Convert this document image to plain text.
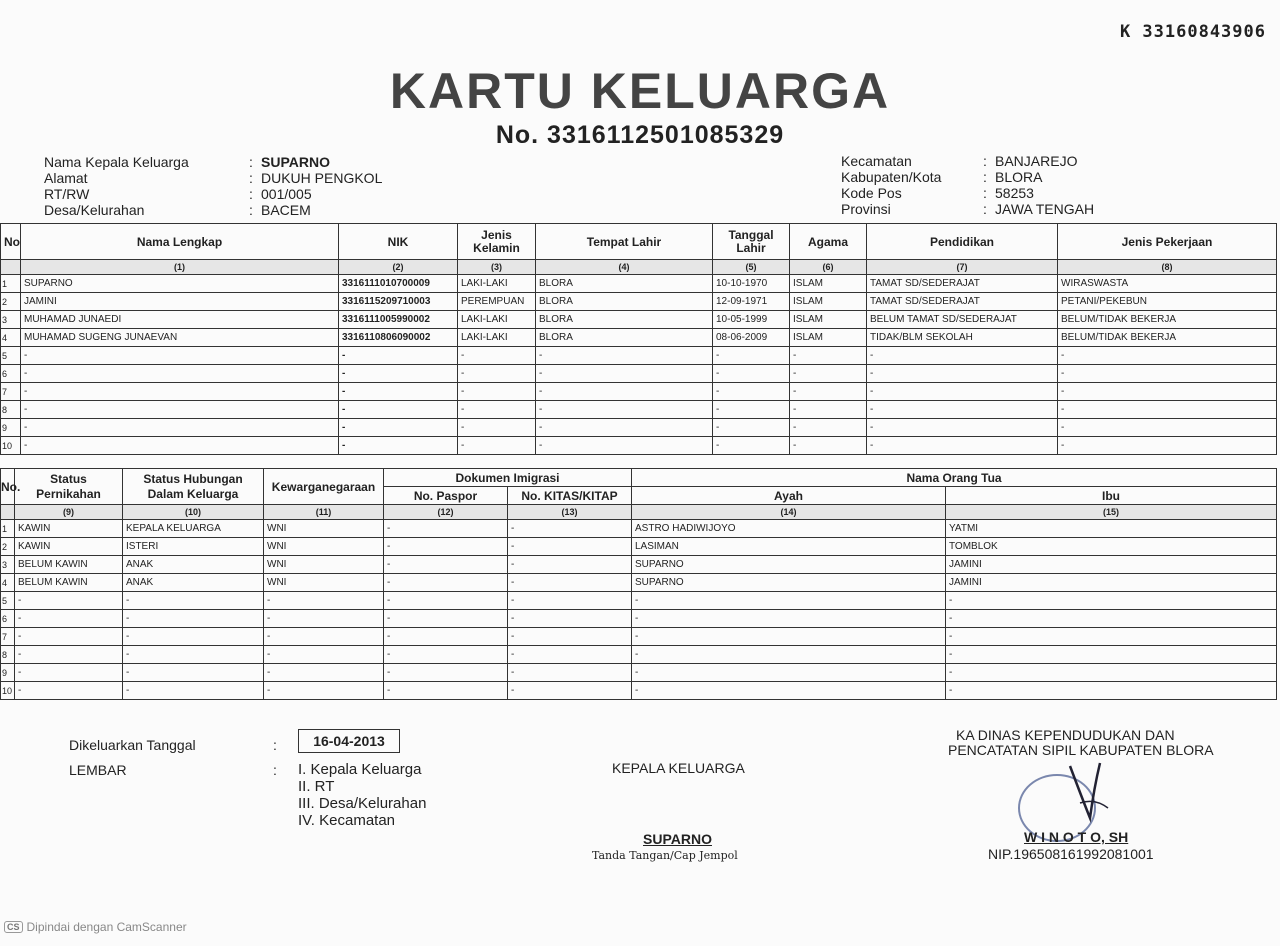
K 33160843906
KARTU KELUARGA
No. 3316112501085329
Nama Kepala Keluarga	: SUPARNO
Alamat	: DUKUH PENGKOL
RT/RW	: 001/005
Desa/Kelurahan	: BACEM
Kecamatan	: BANJAREJO
Kabupaten/Kota	: BLORA
Kode Pos	: 58253
Provinsi	: JAWA TENGAH
No	Nama Lengkap	NIK	Jenis Kelamin	Tempat Lahir	Tanggal Lahir	Agama	Pendidikan	Jenis Pekerjaan
	(1)	(2)	(3)	(4)	(5)	(6)	(7)	(8)
1	SUPARNO	3316111010700009	LAKI-LAKI	BLORA	10-10-1970	ISLAM	TAMAT SD/SEDERAJAT	WIRASWASTA
2	JAMINI	3316115209710003	PEREMPUAN	BLORA	12-09-1971	ISLAM	TAMAT SD/SEDERAJAT	PETANI/PEKEBUN
3	MUHAMAD JUNAEDI	3316111005990002	LAKI-LAKI	BLORA	10-05-1999	ISLAM	BELUM TAMAT SD/SEDERAJAT	BELUM/TIDAK BEKERJA
4	MUHAMAD SUGENG JUNAEVAN	3316110806090002	LAKI-LAKI	BLORA	08-06-2009	ISLAM	TIDAK/BLM SEKOLAH	BELUM/TIDAK BEKERJA
5	-	-	-	-	-	-	-	-
6	-	-	-	-	-	-	-	-
7	-	-	-	-	-	-	-	-
8	-	-	-	-	-	-	-	-
9	-	-	-	-	-	-	-	-
10	-	-	-	-	-	-	-	-
No.	Status Pernikahan	Status Hubungan Dalam Keluarga	Kewarganegaraan	Dokumen Imigrasi		Nama Orang Tua	
				No. Paspor	No. KITAS/KITAP	Ayah	Ibu
	(9)	(10)	(11)	(12)	(13)	(14)	(15)
1	KAWIN	KEPALA KELUARGA	WNI	-	-	ASTRO HADIWIJOYO	YATMI
2	KAWIN	ISTERI	WNI	-	-	LASIMAN	TOMBLOK
3	BELUM KAWIN	ANAK	WNI	-	-	SUPARNO	JAMINI
4	BELUM KAWIN	ANAK	WNI	-	-	SUPARNO	JAMINI
5	-	-	-	-	-	-	-
6	-	-	-	-	-	-	-
7	-	-	-	-	-	-	-
8	-	-	-	-	-	-	-
9	-	-	-	-	-	-	-
10	-	-	-	-	-	-	-
Dikeluarkan Tanggal	:	16-04-2013
LEMBAR	: I. Kepala Keluarga
II. RT
III. Desa/Kelurahan
IV. Kecamatan
KEPALA KELUARGA
SUPARNO
Tanda Tangan/Cap Jempol
KA DINAS KEPENDUDUKAN DAN
PENCATATAN SIPIL KABUPATEN BLORA
W I N O T O, SH
NIP.196508161992081001
CS Dipindai dengan CamScanner
